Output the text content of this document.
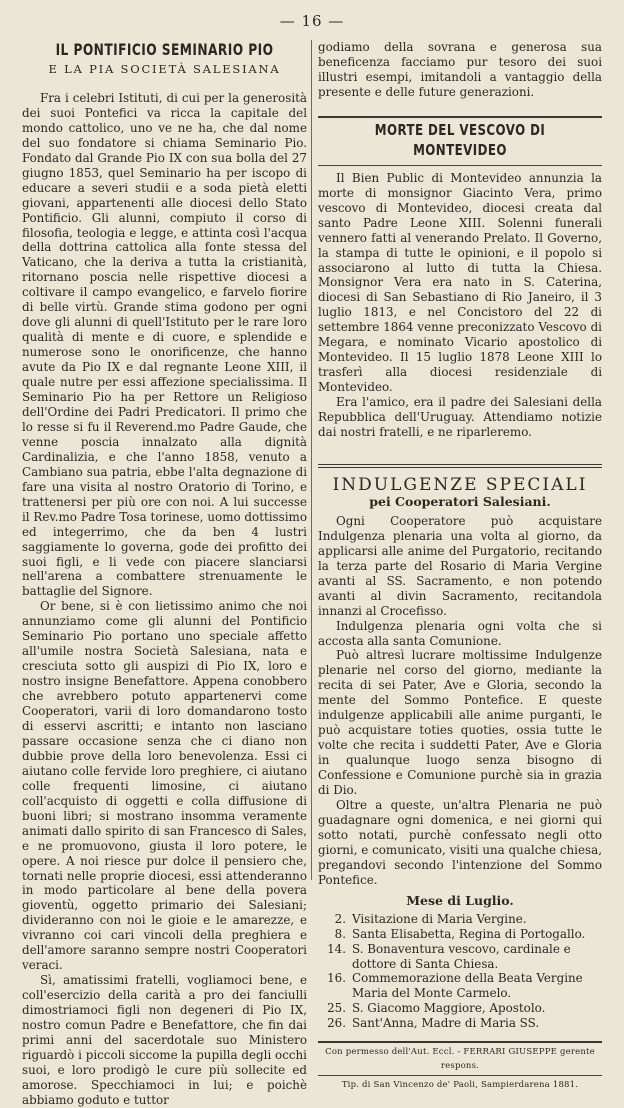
— 16 —
IL PONTIFICIO SEMINARIO PIO
E LA PIA SOCIETÀ SALESIANA

Fra i celebri Istituti, di cui per la generosità dei suoi Pontefici va ricca la capitale del mondo cattolico, uno ve ne ha, che dal nome del suo fondatore si chiama Seminario Pio. Fondato dal Grande Pio IX con sua bolla del 27 giugno 1853, quel Seminario ha per iscopo di educare a severi studii e a soda pietà eletti giovani, appartenenti alle diocesi dello Stato Pontificio. Gli alunni, compiuto il corso di filosofia, teologia e legge, e attinta così l'acqua della dottrina cattolica alla fonte stessa del Vaticano, che la deriva a tutta la cristianità, ritornano poscia nelle rispettive diocesi a coltivare il campo evangelico, e farvelo fiorire di belle virtù. Grande stima godono per ogni dove gli alunni di quell'Istituto per le rare loro qualità di mente e di cuore, e splendide e numerose sono le onorificenze, che hanno avute da Pio IX e dal regnante Leone XIII, il quale nutre per essi affezione specialissima. Il Seminario Pio ha per Rettore un Religioso dell'Ordine dei Padri Predicatori. Il primo che lo resse si fu il Reverend.mo Padre Gaude, che venne poscia innalzato alla dignità Cardinalizia, e che l'anno 1858, venuto a Cambiano sua patria, ebbe l'alta degnazione di fare una visita al nostro Oratorio di Torino, e trattenersi per più ore con noi. A lui successe il Rev.mo Padre Tosa torinese, uomo dottissimo ed integerrimo, che da ben 4 lustri saggiamente lo governa, gode dei profitto dei suoi figli, e li vede con piacere slanciarsi nell'arena a combattere strenuamente le battaglie del Signore.

Or bene, si è con lietissimo animo che noi annunziamo come gli alunni del Pontificio Seminario Pio portano uno speciale affetto all'umile nostra Società Salesiana, nata e cresciuta sotto gli auspizi di Pio IX, loro e nostro insigne Benefattore. Appena conobbero che avrebbero potuto appartenervi come Cooperatori, varii di loro domandarono tosto di esservi ascritti; e intanto non lasciano passare occasione senza che ci diano non dubbie prove della loro benevolenza. Essi ci aiutano colle fervide loro preghiere, ci aiutano colle frequenti limosine, ci aiutano coll'acquisto di oggetti e colla diffusione di buoni libri; si mostrano insomma veramente animati dallo spirito di san Francesco di Sales, e ne promuovono, giusta il loro potere, le opere. A noi riesce pur dolce il pensiero che, tornati nelle proprie diocesi, essi attenderanno in modo particolare al bene della povera gioventù, oggetto primario dei Salesiani; divideranno con noi le gioie e le amarezze, e vivranno coi cari vincoli della preghiera e dell'amore saranno sempre nostri Cooperatori veraci.

Sì, amatissimi fratelli, vogliamoci bene, e coll'esercizio della carità a pro dei fanciulli dimostriamoci figli non degeneri di Pio IX, nostro comun Padre e Benefattore, che fin dai primi anni del sacerdotale suo Ministero riguardò i piccoli siccome la pupilla degli occhi suoi, e loro prodigò le cure più sollecite ed amorose. Specchiamoci in lui; e poichè abbiamo goduto e tuttor

godiamo della sovrana e generosa sua beneficenza facciamo pur tesoro dei suoi illustri esempi, imitandoli a vantaggio della presente e delle future generazioni.

MORTE DEL VESCOVO DI MONTEVIDEO

Il Bien Public di Montevideo annunzia la morte di monsignor Giacinto Vera, primo vescovo di Montevideo, diocesi creata dal santo Padre Leone XIII. Solenni funerali vennero fatti al venerando Prelato. Il Governo, la stampa di tutte le opinioni, e il popolo si associarono al lutto di tutta la Chiesa. Monsignor Vera era nato in S. Caterina, diocesi di San Sebastiano di Rio Janeiro, il 3 luglio 1813, e nel Concistoro del 22 di settembre 1864 venne preconizzato Vescovo di Megara, e nominato Vicario apostolico di Montevideo. Il 15 luglio 1878 Leone XIII lo trasferì alla diocesi residenziale di Montevideo.

Era l'amico, era il padre dei Salesiani della Repubblica dell'Uruguay. Attendiamo notizie dai nostri fratelli, e ne riparleremo.

INDULGENZE SPECIALI
pei Cooperatori Salesiani.

Ogni Cooperatore può acquistare Indulgenza plenaria una volta al giorno, da applicarsi alle anime del Purgatorio, recitando la terza parte del Rosario di Maria Vergine avanti al SS. Sacramento, e non potendo avanti al divin Sacramento, recitandola innanzi al Crocefisso.

Indulgenza plenaria ogni volta che si accosta alla santa Comunione.

Può altresì lucrare moltissime Indulgenze plenarie nel corso del giorno, mediante la recita di sei Pater, Ave e Gloria, secondo la mente del Sommo Pontefice. E queste indulgenze applicabili alle anime purganti, le può acquistare toties quoties, ossia tutte le volte che recita i suddetti Pater, Ave e Gloria in qualunque luogo senza bisogno di Confessione e Comunione purchè sia in grazia di Dio.

Oltre a queste, un'altra Plenaria ne può guadagnare ogni domenica, e nei giorni qui sotto notati, purchè confessato negli otto giorni, e comunicato, visiti una qualche chiesa, pregandovi secondo l'intenzione del Sommo Pontefice.

Mese di Luglio.
2. Visitazione di Maria Vergine.
8. Santa Elisabetta, Regina di Portogallo.
14. S. Bonaventura vescovo, cardinale e dottore di Santa Chiesa.
16. Commemorazione della Beata Vergine Maria del Monte Carmelo.
25. S. Giacomo Maggiore, Apostolo.
26. Sant'Anna, Madre di Maria SS.
Con permesso dell'Aut. Eccl. - FERRARI GIUSEPPE gerente respons.
Tip. di San Vincenzo de' Paoli, Sampierdarena 1881.
